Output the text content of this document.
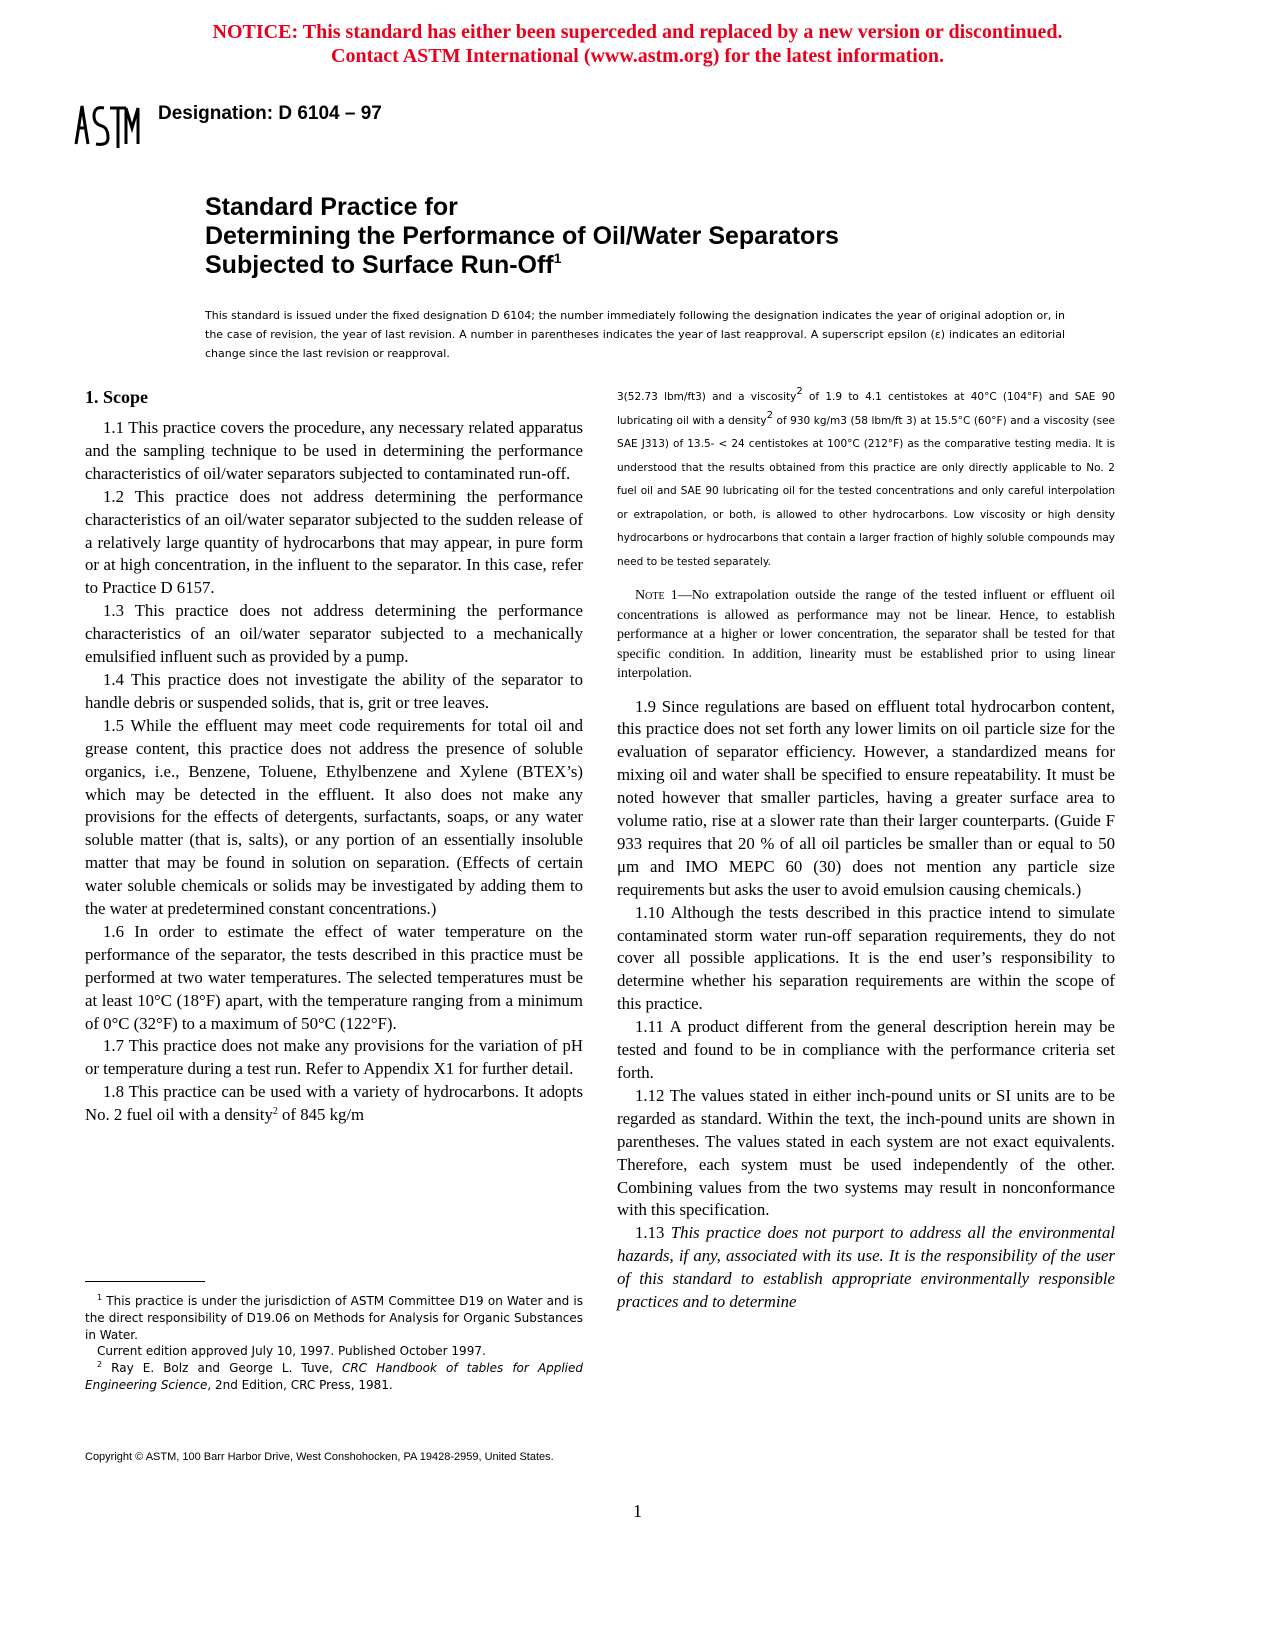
NOTICE: This standard has either been superceded and replaced by a new version or discontinued.
Contact ASTM International (www.astm.org) for the latest information.
ASTM
Designation: D 6104 – 97
Standard Practice for
Determining the Performance of Oil/Water Separators
Subjected to Surface Run-Off$^1$
This standard is issued under the fixed designation D 6104; the number immediately following the designation indicates the year of original adoption or, in the case of revision, the year of last revision. A number in parentheses indicates the year of last reapproval. A superscript epsilon (ε) indicates an editorial change since the last revision or reapproval.

1. Scope

1.1 This practice covers the procedure, any necessary related apparatus and the sampling technique to be used in determining the performance characteristics of oil/water separators subjected to contaminated run-off.

1.2 This practice does not address determining the performance characteristics of an oil/water separator subjected to the sudden release of a relatively large quantity of hydrocarbons that may appear, in pure form or at high concentration, in the influent to the separator. In this case, refer to Practice D 6157.

1.3 This practice does not address determining the performance characteristics of an oil/water separator subjected to a mechanically emulsified influent such as provided by a pump.

1.4 This practice does not investigate the ability of the separator to handle debris or suspended solids, that is, grit or tree leaves.

1.5 While the effluent may meet code requirements for total oil and grease content, this practice does not address the presence of soluble organics, i.e., Benzene, Toluene, Ethylbenzene and Xylene (BTEX’s) which may be detected in the effluent. It also does not make any provisions for the effects of detergents, surfactants, soaps, or any water soluble matter (that is, salts), or any portion of an essentially insoluble matter that may be found in solution on separation. (Effects of certain water soluble chemicals or solids may be investigated by adding them to the water at predetermined constant concentrations.)

1.6 In order to estimate the effect of water temperature on the performance of the separator, the tests described in this practice must be performed at two water temperatures. The selected temperatures must be at least 10°C (18°F) apart, with the temperature ranging from a minimum of 0°C (32°F) to a maximum of 50°C (122°F).

1.7 This practice does not make any provisions for the variation of pH or temperature during a test run. Refer to Appendix X1 for further detail.

1.8 This practice can be used with a variety of hydrocarbons. It adopts No. 2 fuel oil with a density$^2$ of 845 kg/m

$^1$ This practice is under the jurisdiction of ASTM Committee D19 on Water and is the direct responsibility of D19.06 on Methods for Analysis for Organic Substances in Water.

Current edition approved July 10, 1997. Published October 1997.

$^2$ Ray E. Bolz and George L. Tuve, CRC Handbook of tables for Applied Engineering Science, 2nd Edition, CRC Press, 1981.

3(52.73 lbm/ft3) and a viscosity$^2$ of 1.9 to 4.1 centistokes at 40°C (104°F) and SAE 90 lubricating oil with a density$^2$ of 930 kg/m3 (58 lbm/ft 3) at 15.5°C (60°F) and a viscosity (see SAE J313) of 13.5- < 24 centistokes at 100°C (212°F) as the comparative testing media. It is understood that the results obtained from this practice are only directly applicable to No. 2 fuel oil and SAE 90 lubricating oil for the tested concentrations and only careful interpolation or extrapolation, or both, is allowed to other hydrocarbons. Low viscosity or high density hydrocarbons or hydrocarbons that contain a larger fraction of highly soluble compounds may need to be tested separately.

Note 1—No extrapolation outside the range of the tested influent or effluent oil concentrations is allowed as performance may not be linear. Hence, to establish performance at a higher or lower concentration, the separator shall be tested for that specific condition. In addition, linearity must be established prior to using linear interpolation.

1.9 Since regulations are based on effluent total hydrocarbon content, this practice does not set forth any lower limits on oil particle size for the evaluation of separator efficiency. However, a standardized means for mixing oil and water shall be specified to ensure repeatability. It must be noted however that smaller particles, having a greater surface area to volume ratio, rise at a slower rate than their larger counterparts. (Guide F 933 requires that 20 % of all oil particles be smaller than or equal to 50 μm and IMO MEPC 60 (30) does not mention any particle size requirements but asks the user to avoid emulsion causing chemicals.)

1.10 Although the tests described in this practice intend to simulate contaminated storm water run-off separation requirements, they do not cover all possible applications. It is the end user’s responsibility to determine whether his separation requirements are within the scope of this practice.

1.11 A product different from the general description herein may be tested and found to be in compliance with the performance criteria set forth.

1.12 The values stated in either inch-pound units or SI units are to be regarded as standard. Within the text, the inch-pound units are shown in parentheses. The values stated in each system are not exact equivalents. Therefore, each system must be used independently of the other. Combining values from the two systems may result in nonconformance with this specification.

1.13 This practice does not purport to address all the environmental hazards, if any, associated with its use. It is the responsibility of the user of this standard to establish appropriate environmentally responsible practices and to determine

Copyright © ASTM, 100 Barr Harbor Drive, West Conshohocken, PA 19428-2959, United States.
1
